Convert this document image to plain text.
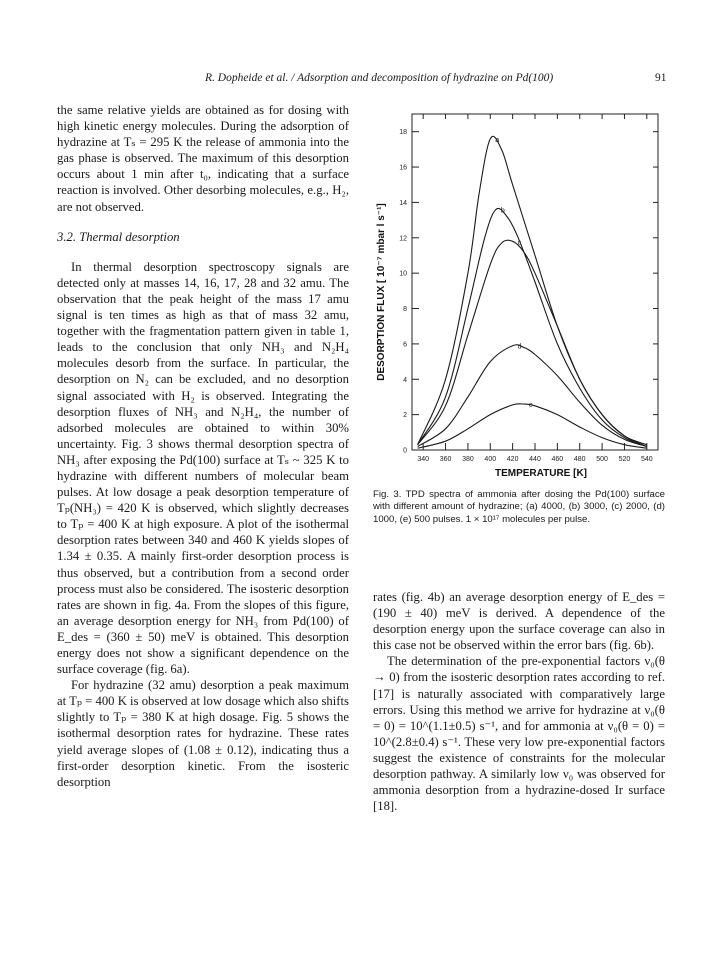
R. Dopheide et al. / Adsorption and decomposition of hydrazine on Pd(100)	91

the same relative yields are obtained as for dosing with high kinetic energy molecules. During the adsorption of hydrazine at Tₛ = 295 K the release of ammonia into the gas phase is observed. The maximum of this desorption occurs about 1 min after t₀, indicating that a surface reaction is involved. Other desorbing molecules, e.g., H₂, are not observed.

3.2. Thermal desorption

In thermal desorption spectroscopy signals are detected only at masses 14, 16, 17, 28 and 32 amu. The observation that the peak height of the mass 17 amu signal is ten times as high as that of mass 32 amu, together with the fragmentation pattern given in table 1, leads to the conclusion that only NH₃ and N₂H₄ molecules desorb from the surface. In particular, the desorption on N₂ can be excluded, and no desorption signal associated with H₂ is observed. Integrating the desorption fluxes of NH₃ and N₂H₄, the number of adsorbed molecules are obtained to within 30% uncertainty. Fig. 3 shows thermal desorption spectra of NH₃ after exposing the Pd(100) surface at Tₛ ~ 325 K to hydrazine with different numbers of molecular beam pulses. At low dosage a peak desorption temperature of Tₚ(NH₃) = 420 K is observed, which slightly decreases to Tₚ = 400 K at high exposure. A plot of the isothermal desorption rates between 340 and 460 K yields slopes of 1.34 ± 0.35. A mainly first-order desorption process is thus observed, but a contribution from a second order process must also be considered. The isosteric desorption rates are shown in fig. 4a. From the slopes of this figure, an average desorption energy for NH₃ from Pd(100) of E_des = (360 ± 50) meV is obtained. This desorption energy does not show a significant dependence on the surface coverage (fig. 6a).

For hydrazine (32 amu) desorption a peak maximum at Tₚ = 400 K is observed at low dosage which also shifts slightly to Tₚ = 380 K at high dosage. Fig. 5 shows the isothermal desorption rates for hydrazine. These rates yield average slopes of (1.08 ± 0.12), indicating thus a first-order desorption kinetic. From the isosteric desorption

340 360 380 400 420 440 460 480 500 520 540
0
2
4
6
8
10
12
14
16
18
TEMPERATURE [K]
DESORPTION FLUX [ 10⁻⁷ mbar l s⁻¹]
a
b
c
d
e
Fig. 3. TPD spectra of ammonia after dosing the Pd(100) surface with different amount of hydrazine; (a) 4000, (b) 3000, (c) 2000, (d) 1000, (e) 500 pulses. 1 × 10¹⁷ molecules per pulse.

rates (fig. 4b) an average desorption energy of E_des = (190 ± 40) meV is derived. A dependence of the desorption energy upon the surface coverage can also in this case not be observed within the error bars (fig. 6b).

The determination of the pre-exponential factors ν₀(θ → 0) from the isosteric desorption rates according to ref. [17] is naturally associated with comparatively large errors. Using this method we arrive for hydrazine at ν₀(θ = 0) = 10^(1.1±0.5) s⁻¹, and for ammonia at ν₀(θ = 0) = 10^(2.8±0.4) s⁻¹. These very low pre-exponential factors suggest the existence of constraints for the molecular desorption pathway. A similarly low ν₀ was observed for ammonia desorption from a hydrazine-dosed Ir surface [18].
